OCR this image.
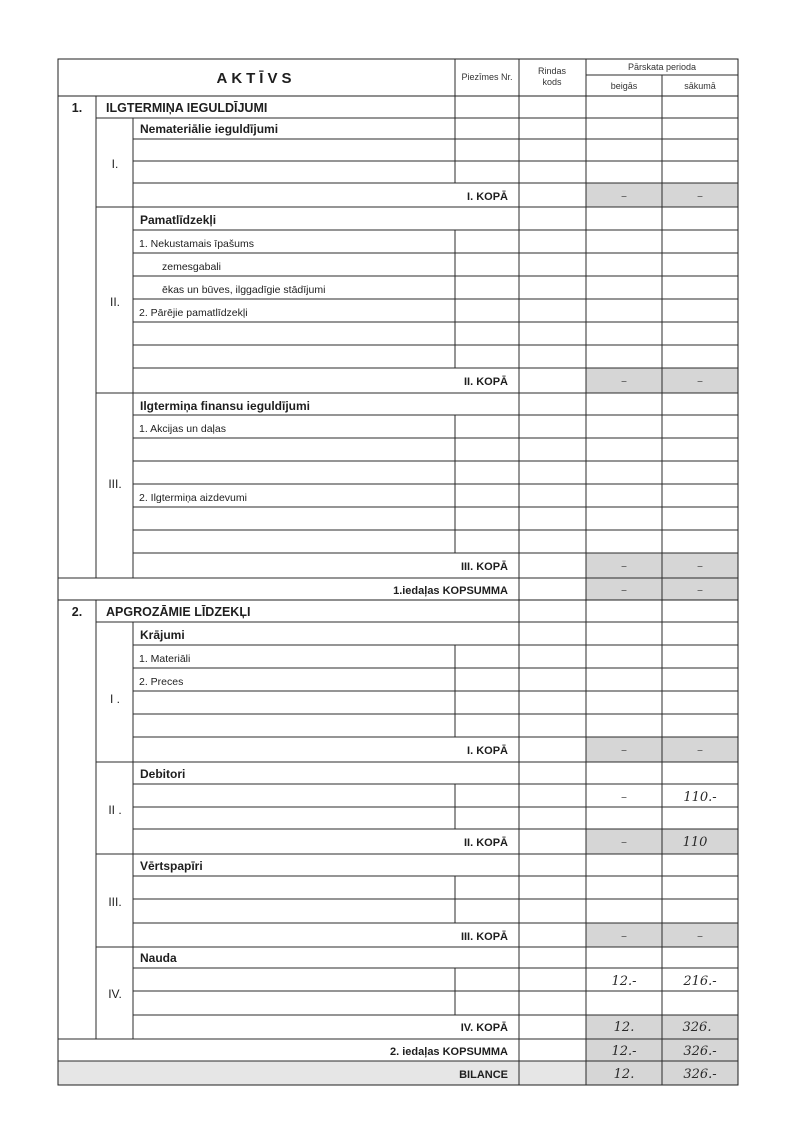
AKTĪVS	Piezīmes Nr.
Rindas
kods
Pārskata perioda
beigās	sākumā
1. ILGTERMIŅA IEGULDĪJUMI
I.
Nemateriālie ieguldījumi
I. KOPĀ	–	–
II.
Pamatlīdzekļi
1. Nekustamais īpašums
zemesgabali
ēkas un būves, ilggadīgie stādījumi
2. Pārējie pamatlīdzekļi
II. KOPĀ	–	–
III.
Ilgtermiņa finansu ieguldījumi
1. Akcijas un daļas
2. Ilgtermiņa aizdevumi
III. KOPĀ	–	–
1.iedaļas KOPSUMMA	–	–
2. APGROZĀMIE LĪDZEKĻI
I .
Krājumi
1. Materiāli
2. Preces
I. KOPĀ	–	–
II .
Debitori
–	110.-
II. KOPĀ	–	110
III.
Vērtspapīri
III. KOPĀ	–	–
IV.
Nauda
12.-	216.-
IV. KOPĀ	12.	326.
2. iedaļas KOPSUMMA	12.-	326.-
BILANCE	12.	326.-
